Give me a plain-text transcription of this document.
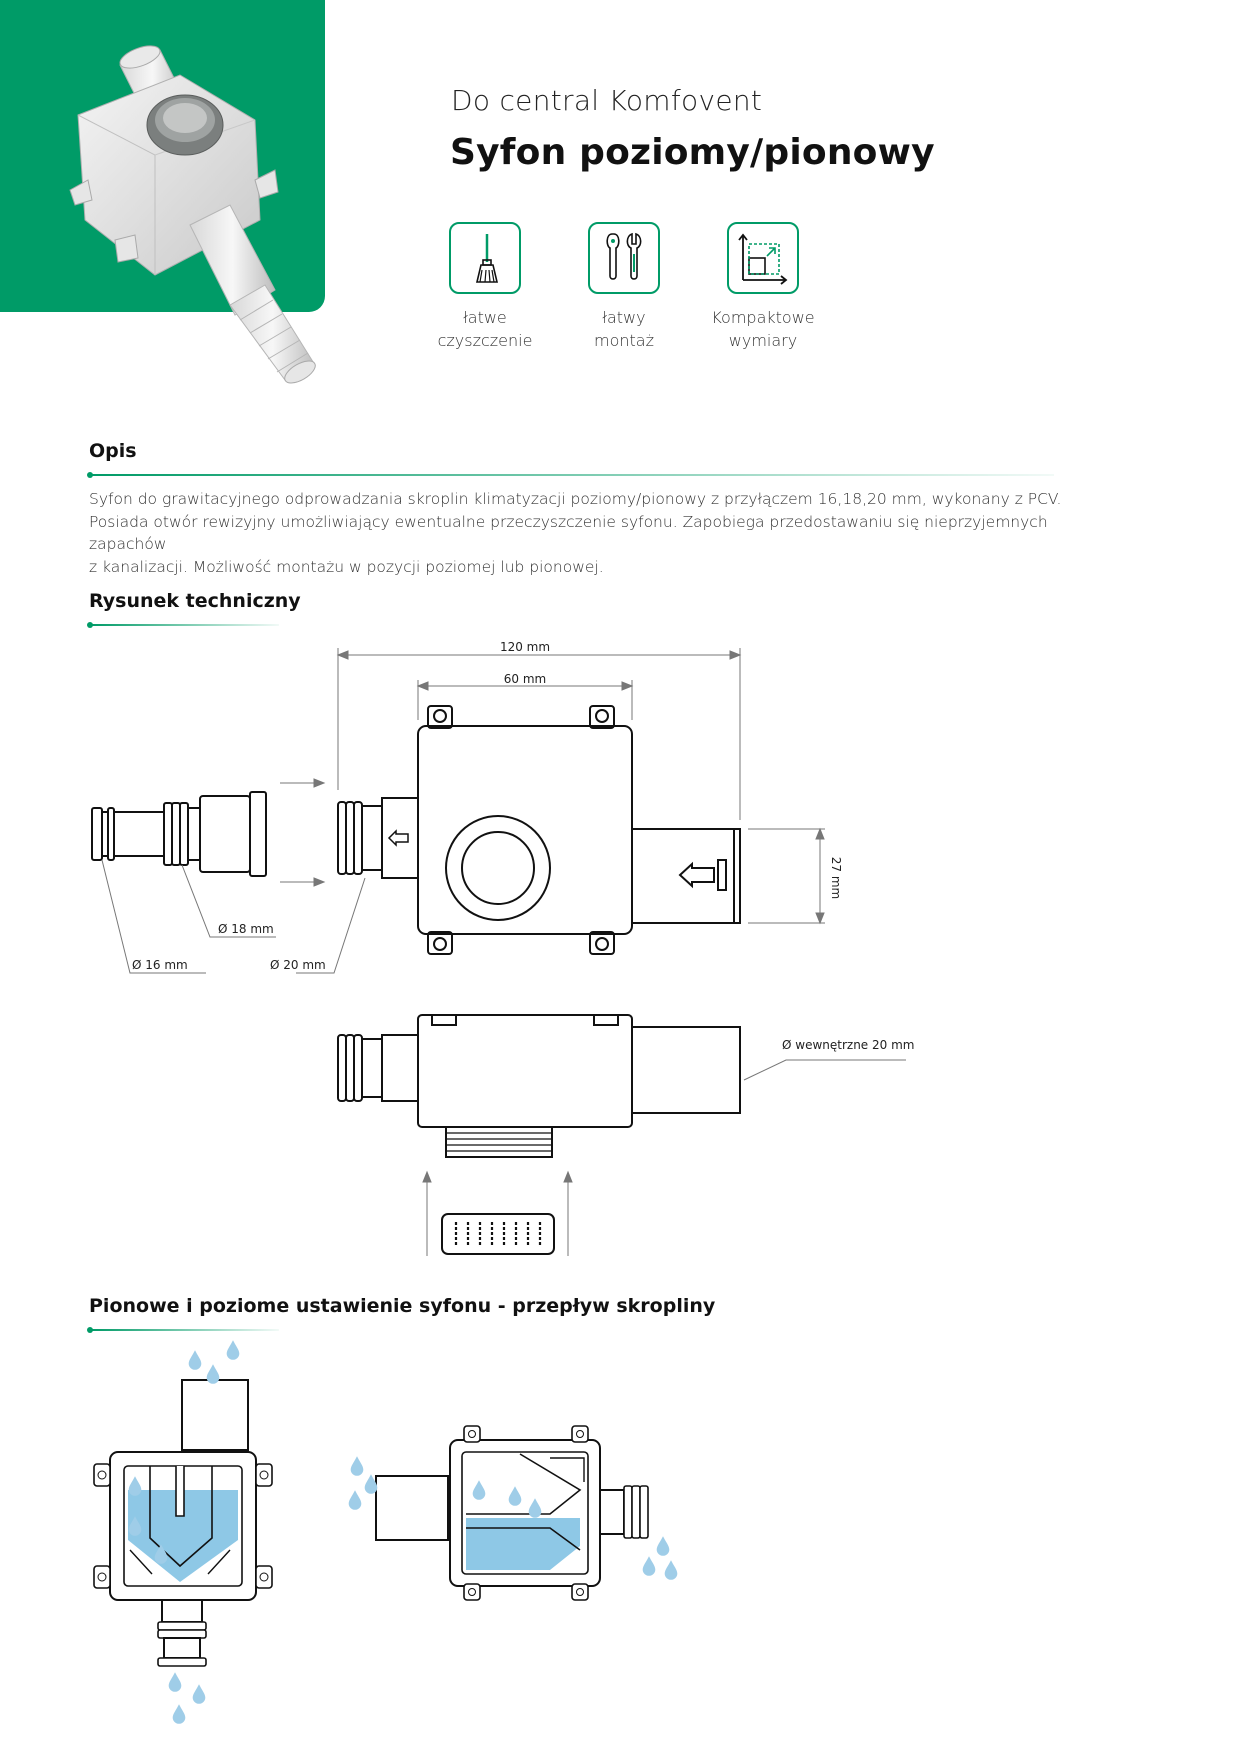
Do central Komfovent
Syfon poziomy/pionowy
łatwe
czyszczenie
łatwy
montaż
Kompaktowe
wymiary
Opis

Syfon do grawitacyjnego odprowadzania skroplin klimatyzacji poziomy/pionowy z przyłączem 16,18,20 mm, wykonany z PCV.

Posiada otwór rewizyjny umożliwiający ewentualne przeczyszczenie syfonu. Zapobiega przedostawaniu się nieprzyjemnych zapachów

z kanalizacji. Możliwość montażu w pozycji poziomej lub pionowej.

Rysunek techniczny
120 mm
60 mm
27 mm
Ø 16 mm
Ø 18 mm
Ø 20 mm
Ø wewnętrzne 20 mm
Pionowe i poziome ustawienie syfonu - przepływ skropliny
